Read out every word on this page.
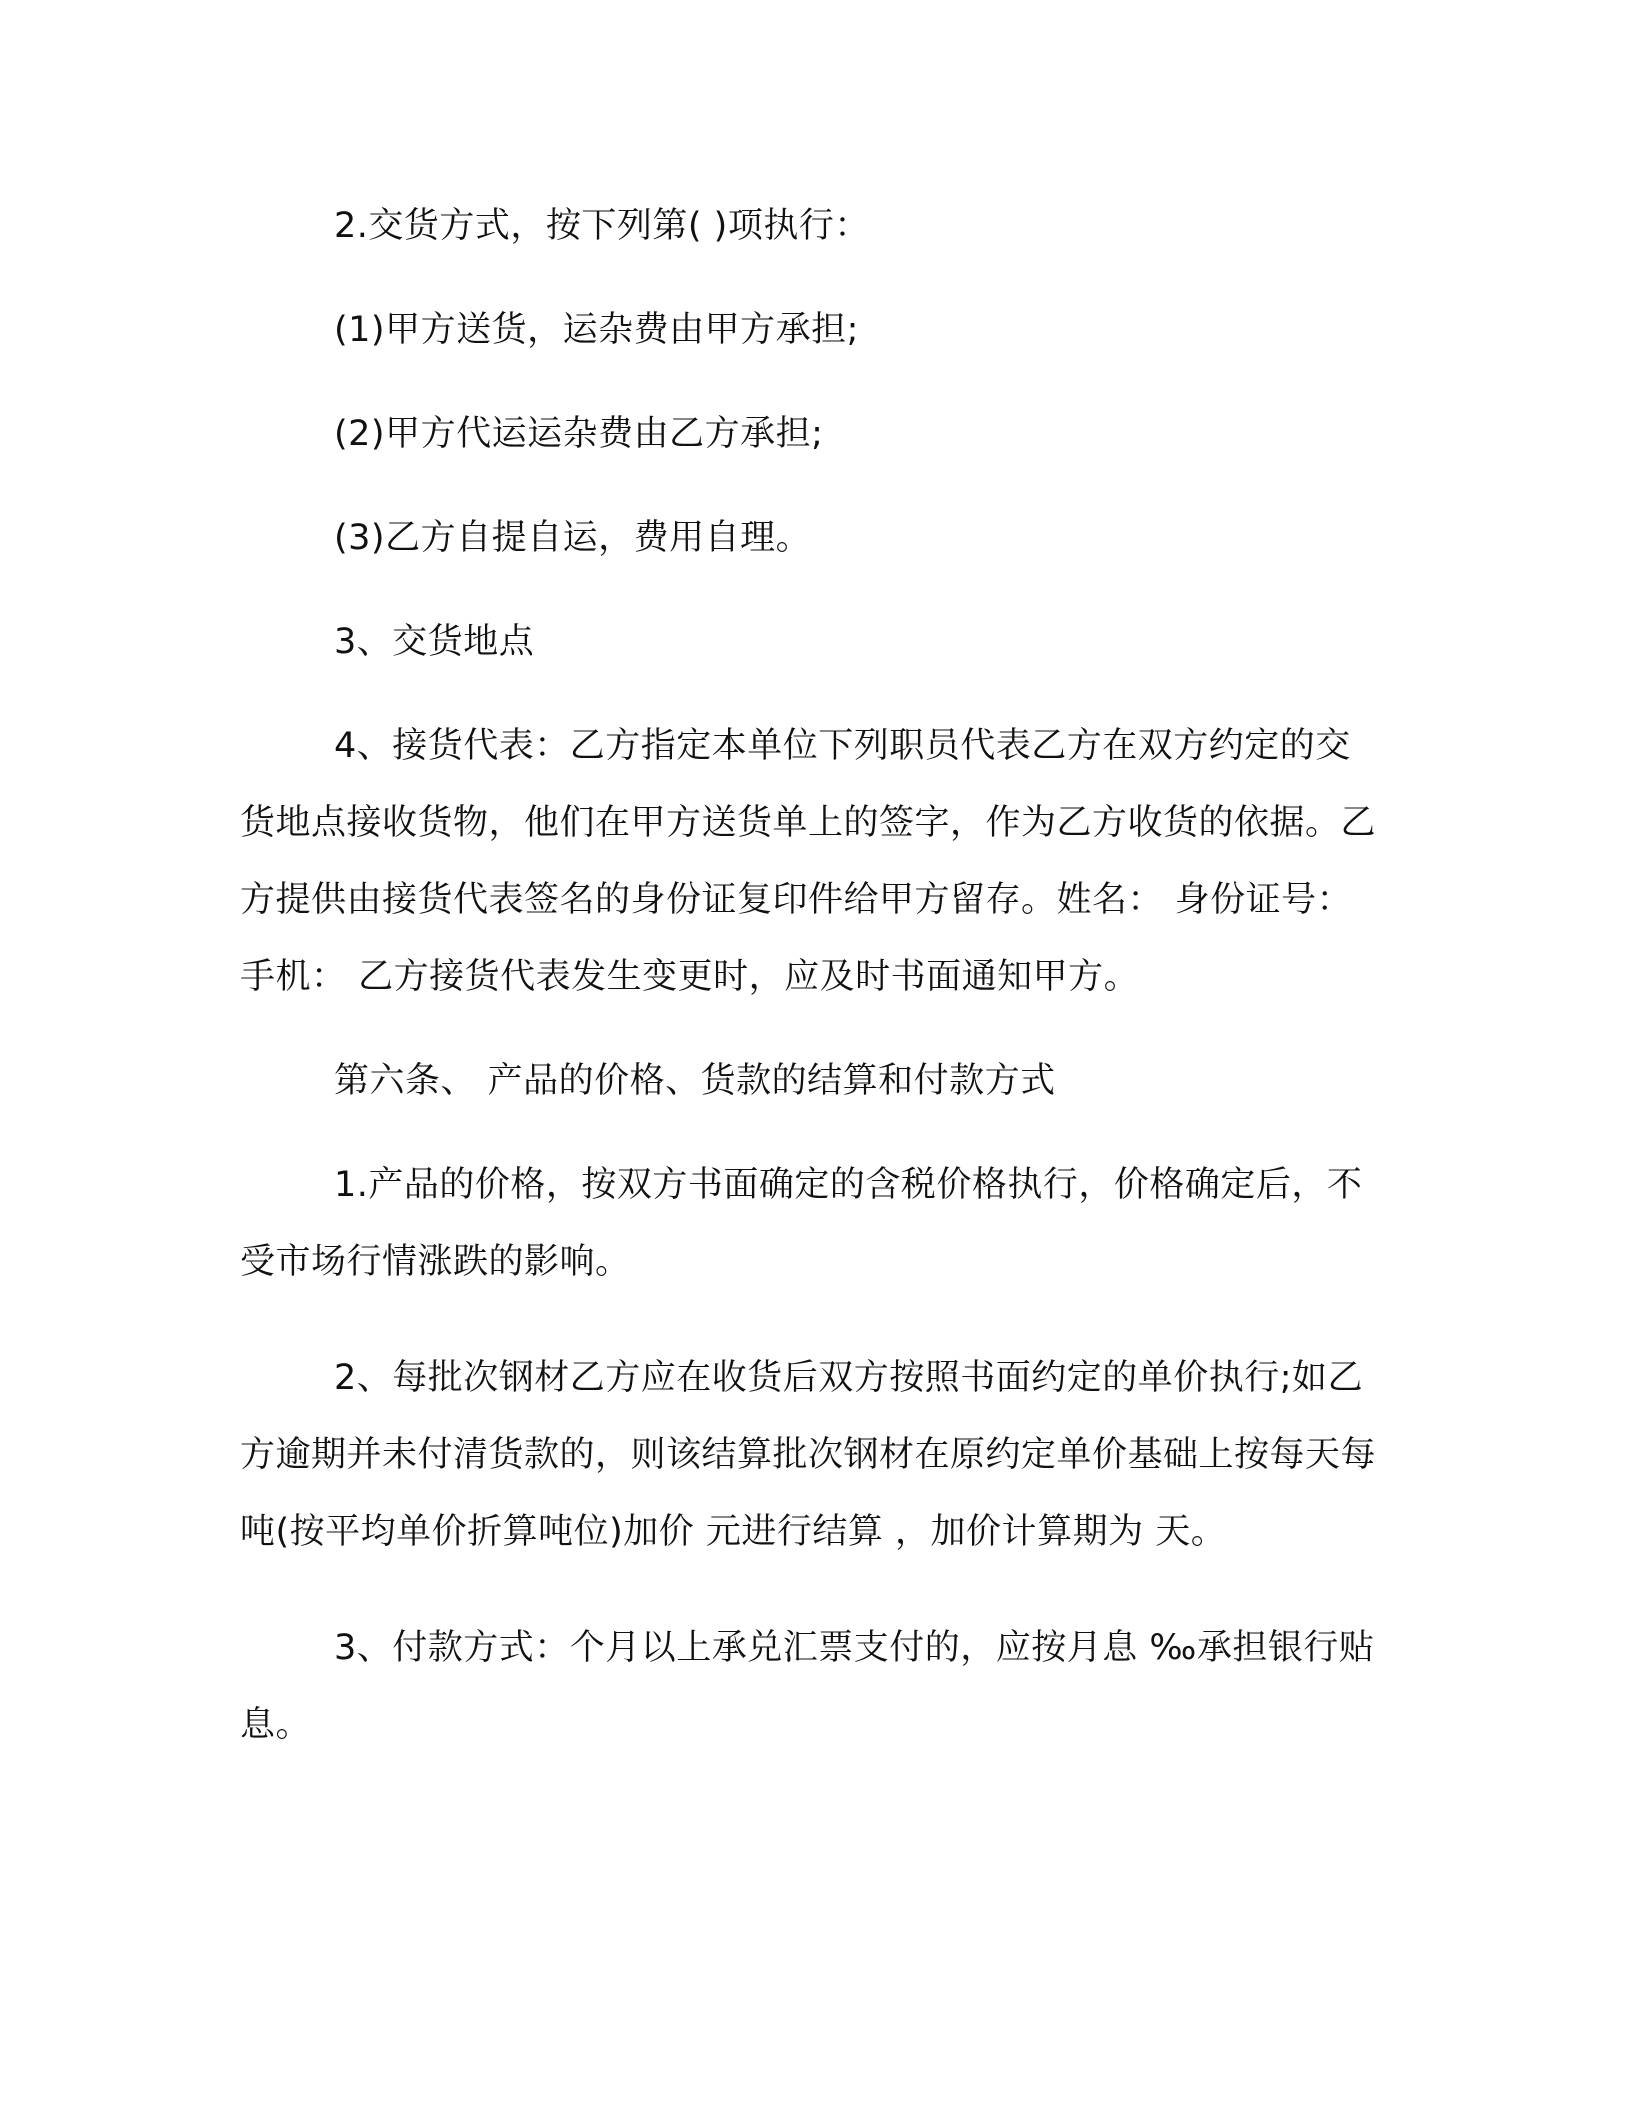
2.交货方式，按下列第( )项执行：

(1)甲方送货，运杂费由甲方承担;

(2)甲方代运运杂费由乙方承担;

(3)乙方自提自运，费用自理。

3、交货地点

4、接货代表：乙方指定本单位下列职员代表乙方在双方约定的交货地点接收货物，他们在甲方送货单上的签字，作为乙方收货的依据。乙方提供由接货代表签名的身份证复印件给甲方留存。姓名： 身份证号： 手机： 乙方接货代表发生变更时，应及时书面通知甲方。

第六条、 产品的价格、货款的结算和付款方式

1.产品的价格，按双方书面确定的含税价格执行，价格确定后，不受市场行情涨跌的影响。

2、每批次钢材乙方应在收货后双方按照书面约定的单价执行;如乙方逾期并未付清货款的，则该结算批次钢材在原约定单价基础上按每天每吨(按平均单价折算吨位)加价 元进行结算 ，加价计算期为 天。

3、付款方式：个月以上承兑汇票支付的，应按月息 ‰承担银行贴息。
